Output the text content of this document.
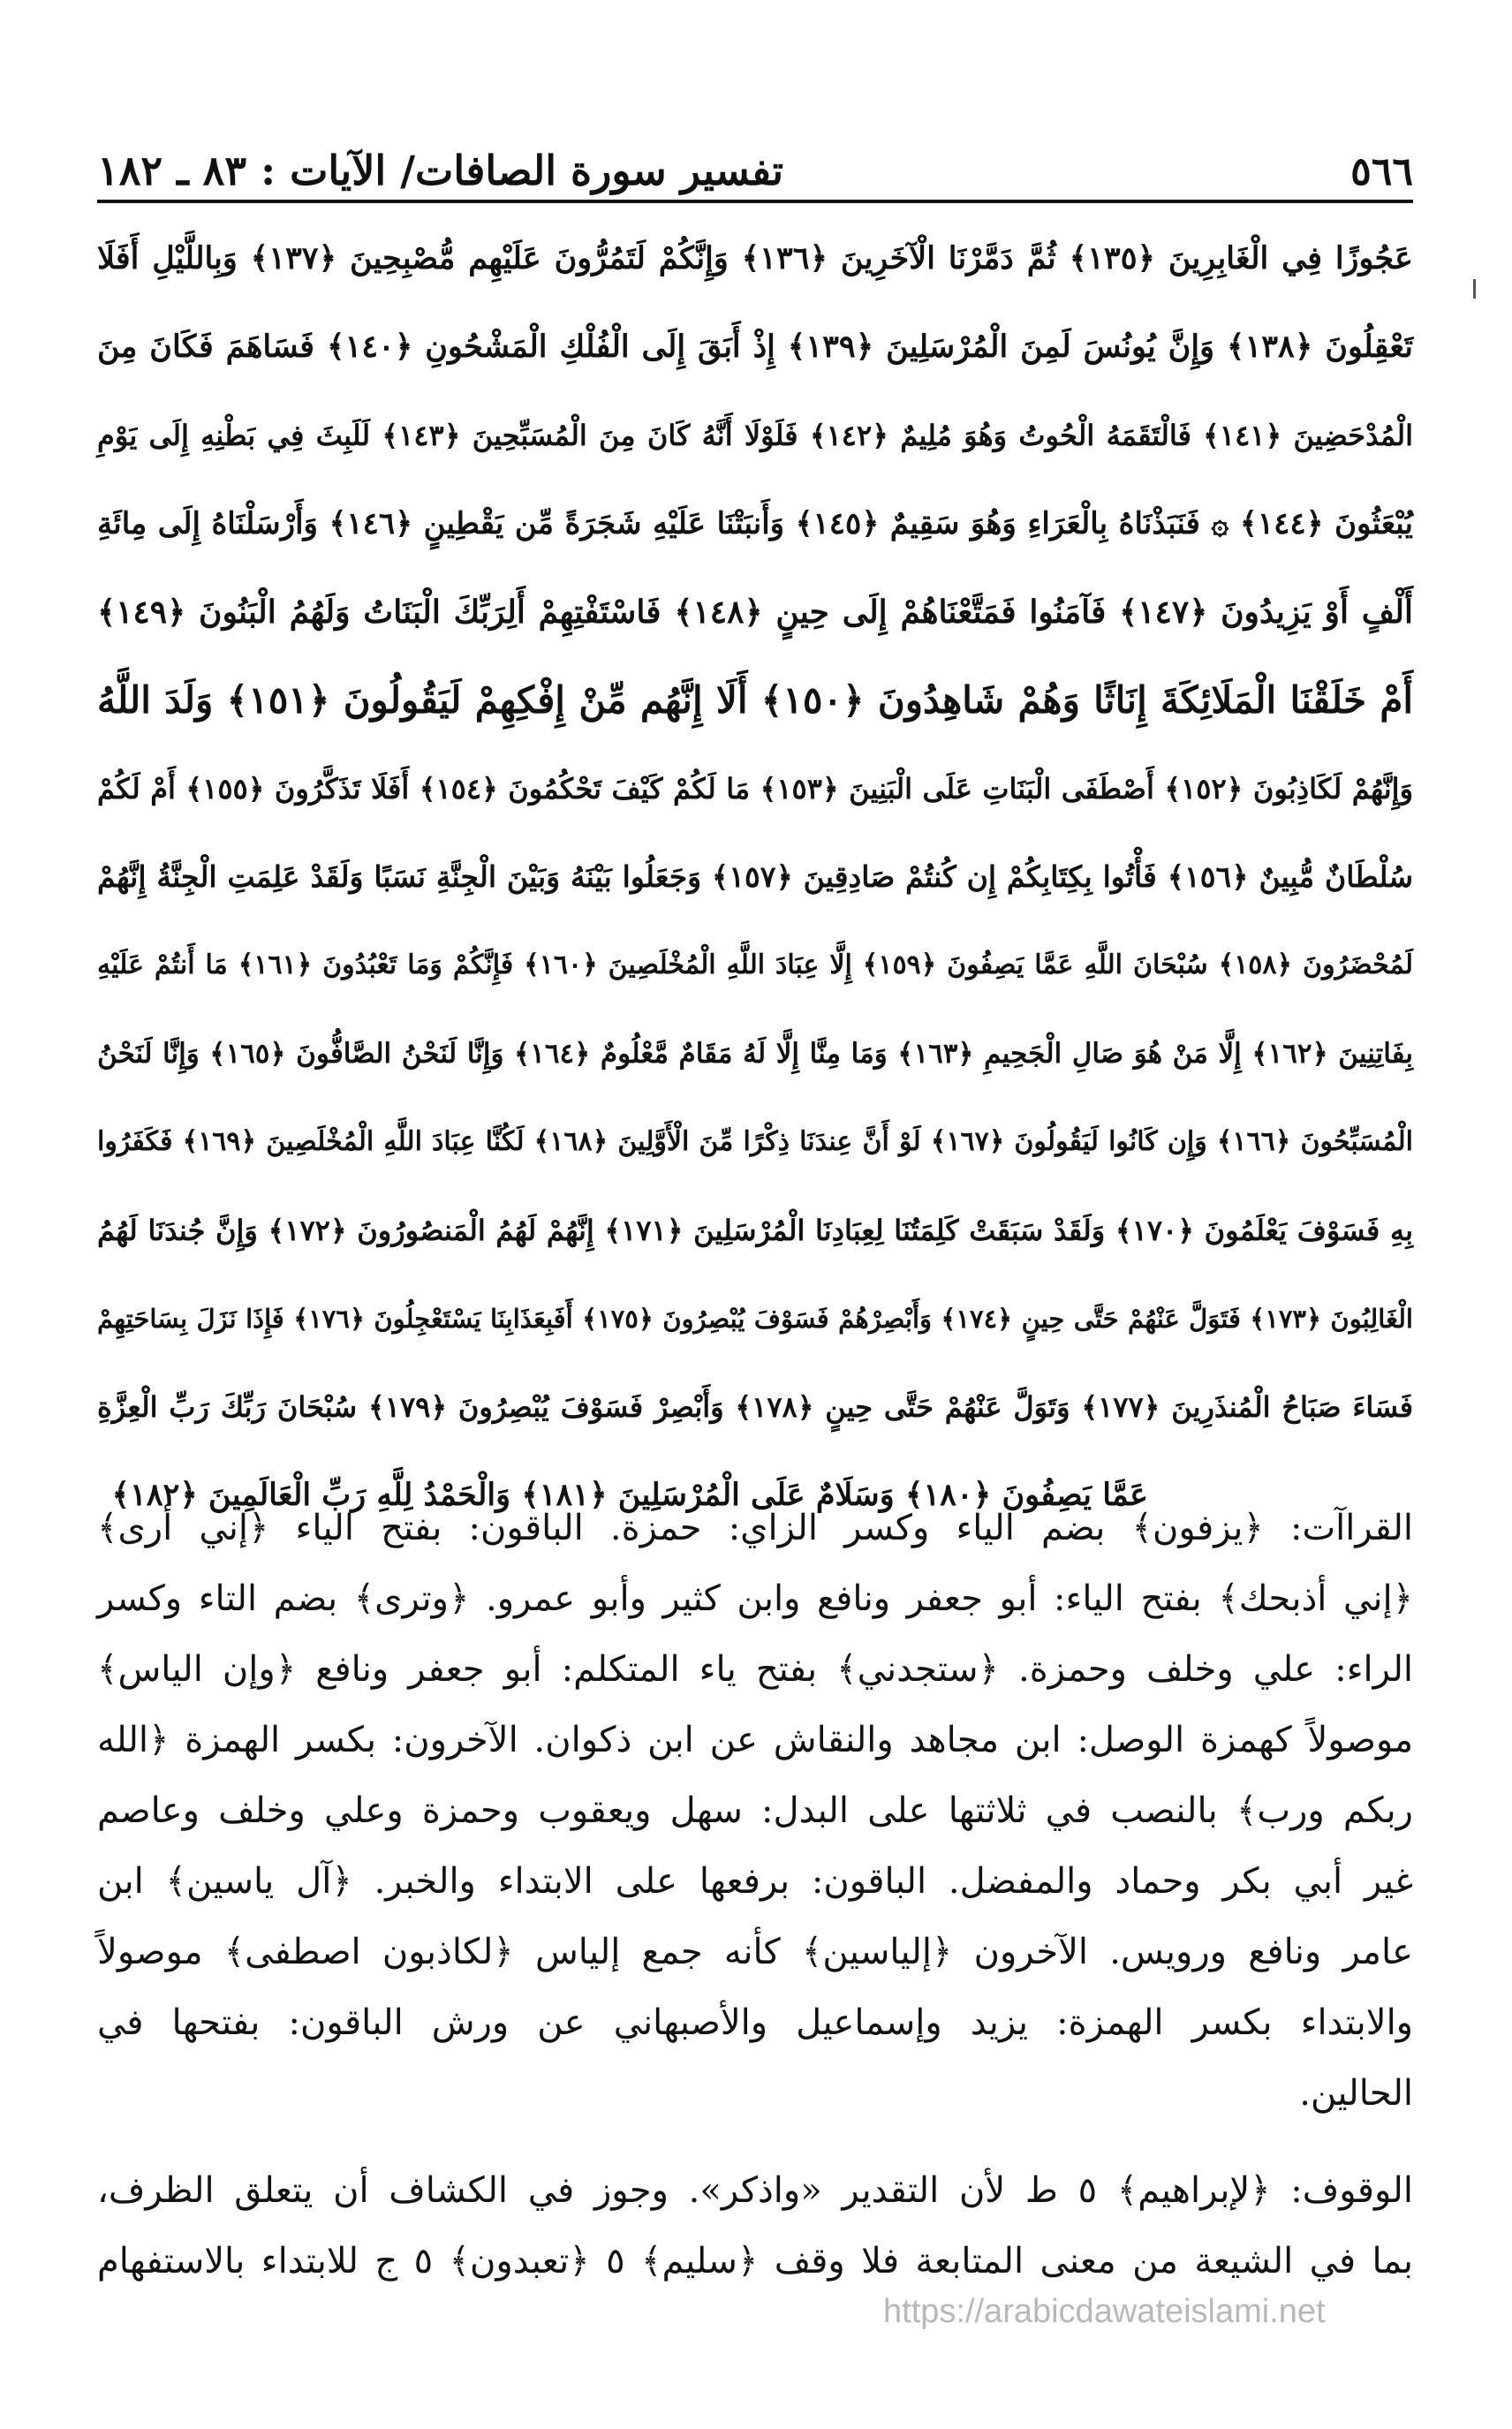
٥٦٦
تفسير سورة الصافات/ الآيات : ٨٣ ـ ١٨٢
عَجُوزًا فِي الْغَابِرِينَ ﴿١٣٥﴾ ثُمَّ دَمَّرْنَا الْآخَرِينَ ﴿١٣٦﴾ وَإِنَّكُمْ لَتَمُرُّونَ عَلَيْهِم مُّصْبِحِينَ ﴿١٣٧﴾ وَبِاللَّيْلِ أَفَلَا
تَعْقِلُونَ ﴿١٣٨﴾ وَإِنَّ يُونُسَ لَمِنَ الْمُرْسَلِينَ ﴿١٣٩﴾ إِذْ أَبَقَ إِلَى الْفُلْكِ الْمَشْحُونِ ﴿١٤٠﴾ فَسَاهَمَ فَكَانَ مِنَ
الْمُدْحَضِينَ ﴿١٤١﴾ فَالْتَقَمَهُ الْحُوتُ وَهُوَ مُلِيمٌ ﴿١٤٢﴾ فَلَوْلَا أَنَّهُ كَانَ مِنَ الْمُسَبِّحِينَ ﴿١٤٣﴾ لَلَبِثَ فِي بَطْنِهِ إِلَى يَوْمِ
يُبْعَثُونَ ﴿١٤٤﴾ ۞ فَنَبَذْنَاهُ بِالْعَرَاءِ وَهُوَ سَقِيمٌ ﴿١٤٥﴾ وَأَنبَتْنَا عَلَيْهِ شَجَرَةً مِّن يَقْطِينٍ ﴿١٤٦﴾ وَأَرْسَلْنَاهُ إِلَى مِائَةِ
أَلْفٍ أَوْ يَزِيدُونَ ﴿١٤٧﴾ فَآمَنُوا فَمَتَّعْنَاهُمْ إِلَى حِينٍ ﴿١٤٨﴾ فَاسْتَفْتِهِمْ أَلِرَبِّكَ الْبَنَاتُ وَلَهُمُ الْبَنُونَ ﴿١٤٩﴾
أَمْ خَلَقْنَا الْمَلَائِكَةَ إِنَاثًا وَهُمْ شَاهِدُونَ ﴿١٥٠﴾ أَلَا إِنَّهُم مِّنْ إِفْكِهِمْ لَيَقُولُونَ ﴿١٥١﴾ وَلَدَ اللَّهُ
وَإِنَّهُمْ لَكَاذِبُونَ ﴿١٥٢﴾ أَصْطَفَى الْبَنَاتِ عَلَى الْبَنِينَ ﴿١٥٣﴾ مَا لَكُمْ كَيْفَ تَحْكُمُونَ ﴿١٥٤﴾ أَفَلَا تَذَكَّرُونَ ﴿١٥٥﴾ أَمْ لَكُمْ
سُلْطَانٌ مُّبِينٌ ﴿١٥٦﴾ فَأْتُوا بِكِتَابِكُمْ إِن كُنتُمْ صَادِقِينَ ﴿١٥٧﴾ وَجَعَلُوا بَيْنَهُ وَبَيْنَ الْجِنَّةِ نَسَبًا وَلَقَدْ عَلِمَتِ الْجِنَّةُ إِنَّهُمْ
لَمُحْضَرُونَ ﴿١٥٨﴾ سُبْحَانَ اللَّهِ عَمَّا يَصِفُونَ ﴿١٥٩﴾ إِلَّا عِبَادَ اللَّهِ الْمُخْلَصِينَ ﴿١٦٠﴾ فَإِنَّكُمْ وَمَا تَعْبُدُونَ ﴿١٦١﴾ مَا أَنتُمْ عَلَيْهِ
بِفَاتِنِينَ ﴿١٦٢﴾ إِلَّا مَنْ هُوَ صَالِ الْجَحِيمِ ﴿١٦٣﴾ وَمَا مِنَّا إِلَّا لَهُ مَقَامٌ مَّعْلُومٌ ﴿١٦٤﴾ وَإِنَّا لَنَحْنُ الصَّافُّونَ ﴿١٦٥﴾ وَإِنَّا لَنَحْنُ
الْمُسَبِّحُونَ ﴿١٦٦﴾ وَإِن كَانُوا لَيَقُولُونَ ﴿١٦٧﴾ لَوْ أَنَّ عِندَنَا ذِكْرًا مِّنَ الْأَوَّلِينَ ﴿١٦٨﴾ لَكُنَّا عِبَادَ اللَّهِ الْمُخْلَصِينَ ﴿١٦٩﴾ فَكَفَرُوا
بِهِ فَسَوْفَ يَعْلَمُونَ ﴿١٧٠﴾ وَلَقَدْ سَبَقَتْ كَلِمَتُنَا لِعِبَادِنَا الْمُرْسَلِينَ ﴿١٧١﴾ إِنَّهُمْ لَهُمُ الْمَنصُورُونَ ﴿١٧٢﴾ وَإِنَّ جُندَنَا لَهُمُ
الْغَالِبُونَ ﴿١٧٣﴾ فَتَوَلَّ عَنْهُمْ حَتَّى حِينٍ ﴿١٧٤﴾ وَأَبْصِرْهُمْ فَسَوْفَ يُبْصِرُونَ ﴿١٧٥﴾ أَفَبِعَذَابِنَا يَسْتَعْجِلُونَ ﴿١٧٦﴾ فَإِذَا نَزَلَ بِسَاحَتِهِمْ
فَسَاءَ صَبَاحُ الْمُنذَرِينَ ﴿١٧٧﴾ وَتَوَلَّ عَنْهُمْ حَتَّى حِينٍ ﴿١٧٨﴾ وَأَبْصِرْ فَسَوْفَ يُبْصِرُونَ ﴿١٧٩﴾ سُبْحَانَ رَبِّكَ رَبِّ الْعِزَّةِ
عَمَّا يَصِفُونَ ﴿١٨٠﴾ وَسَلَامٌ عَلَى الْمُرْسَلِينَ ﴿١٨١﴾ وَالْحَمْدُ لِلَّهِ رَبِّ الْعَالَمِينَ ﴿١٨٢﴾
القراآت: ﴿يزفون﴾ بضم الياء وكسر الزاي: حمزة. الباقون: بفتح الياء ﴿إني أرى﴾
﴿إني أذبحك﴾ بفتح الياء: أبو جعفر ونافع وابن كثير وأبو عمرو. ﴿وترى﴾ بضم التاء وكسر
الراء: علي وخلف وحمزة. ﴿ستجدني﴾ بفتح ياء المتكلم: أبو جعفر ونافع ﴿وإن الياس﴾
موصولاً كهمزة الوصل: ابن مجاهد والنقاش عن ابن ذكوان. الآخرون: بكسر الهمزة ﴿الله
ربكم ورب﴾ بالنصب في ثلاثتها على البدل: سهل ويعقوب وحمزة وعلي وخلف وعاصم
غير أبي بكر وحماد والمفضل. الباقون: برفعها على الابتداء والخبر. ﴿آل ياسين﴾ ابن
عامر ونافع ورويس. الآخرون ﴿إلياسين﴾ كأنه جمع إلياس ﴿لكاذبون اصطفى﴾ موصولاً
والابتداء بكسر الهمزة: يزيد وإسماعيل والأصبهاني عن ورش الباقون: بفتحها في
الحالين.
الوقوف: ﴿لإبراهيم﴾ ٥ ط لأن التقدير «واذكر». وجوز في الكشاف أن يتعلق الظرف،
بما في الشيعة من معنى المتابعة فلا وقف ﴿سليم﴾ ٥ ﴿تعبدون﴾ ٥ ج للابتداء بالاستفهام
https://arabicdawateislami.net
